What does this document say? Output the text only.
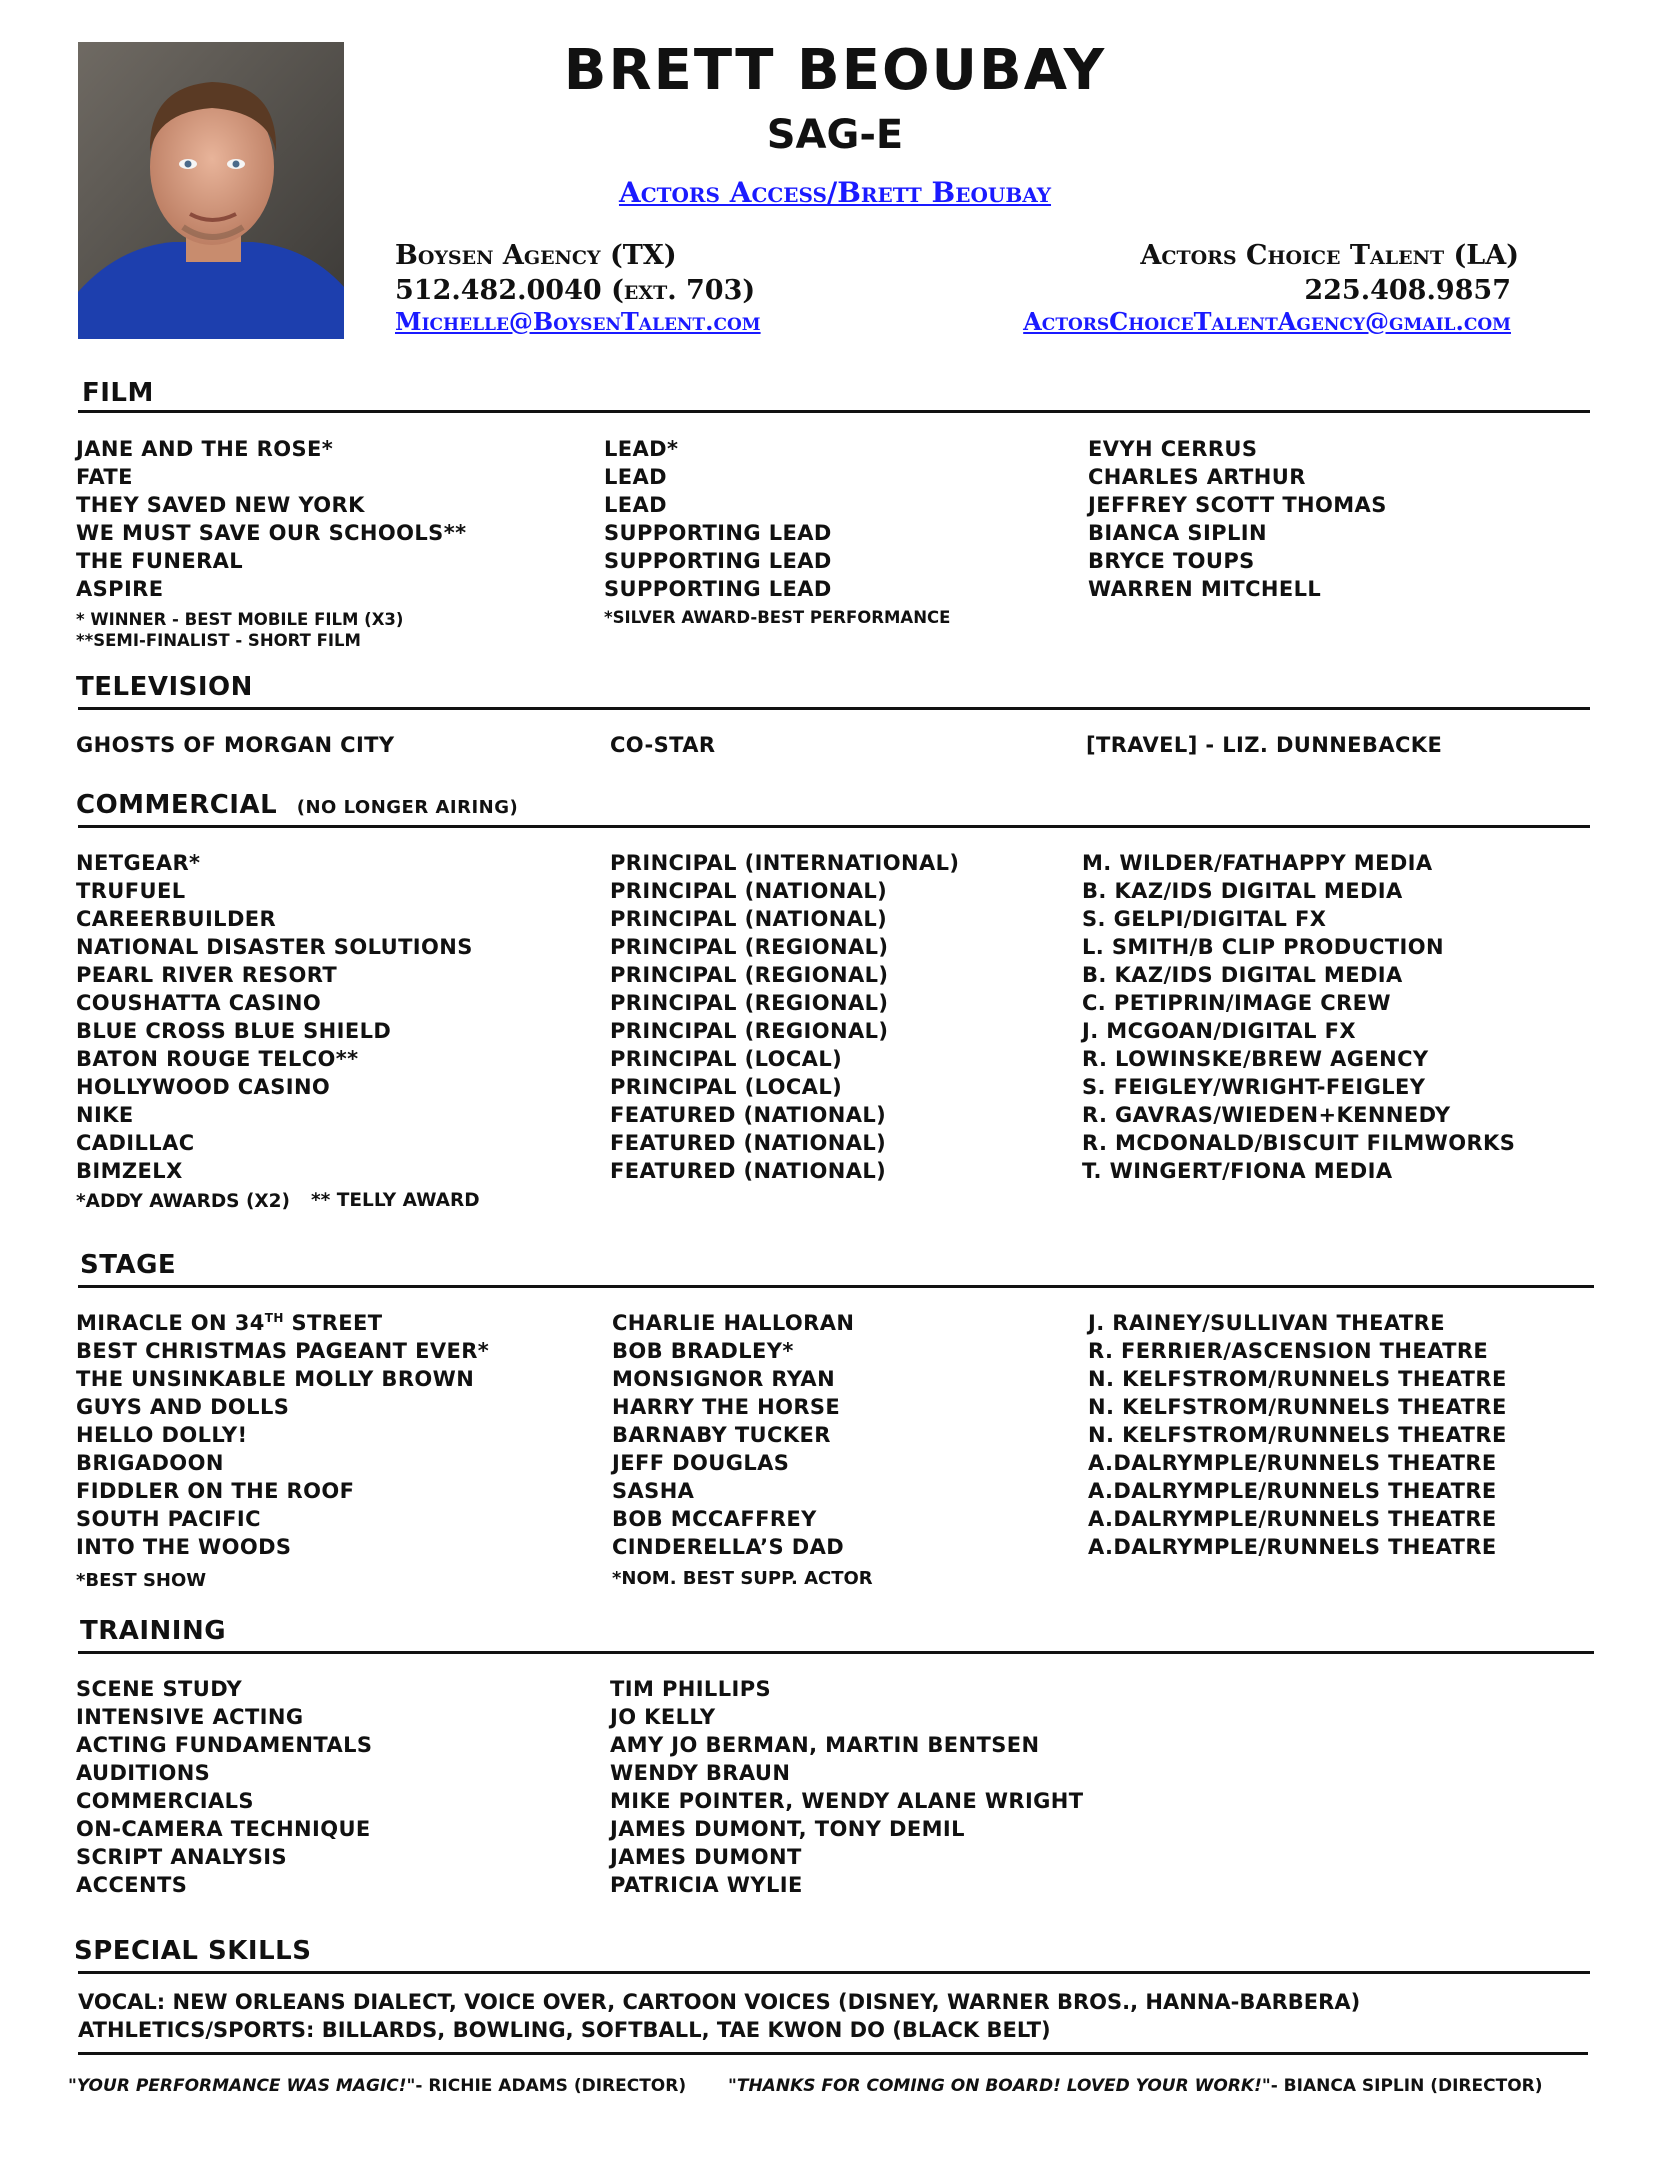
BRETT BEOUBAY
SAG-E
Actors Access/Brett Beoubay
Boysen Agency (TX)
512.482.0040 (ext. 703)
Michelle@BoysenTalent.com
Actors Choice Talent (LA)
225.408.9857
ActorsChoiceTalentAgency@gmail.com
FILM
JANE AND THE ROSE*	LEAD*	EVYH CERRUS
FATE	LEAD	CHARLES ARTHUR
THEY SAVED NEW YORK	LEAD	JEFFREY SCOTT THOMAS
WE MUST SAVE OUR SCHOOLS**	SUPPORTING LEAD	BIANCA SIPLIN
THE FUNERAL	SUPPORTING LEAD	BRYCE TOUPS
ASPIRE	SUPPORTING LEAD	WARREN MITCHELL
* WINNER - BEST MOBILE FILM (X3)
**SEMI-FINALIST - SHORT FILM
*SILVER AWARD-BEST PERFORMANCE
TELEVISION
GHOSTS OF MORGAN CITY	CO-STAR	[TRAVEL] - LIZ. DUNNEBACKE
COMMERCIAL (NO LONGER AIRING)
NETGEAR*	PRINCIPAL (INTERNATIONAL)	M. WILDER/FATHAPPY MEDIA
TRUFUEL	PRINCIPAL (NATIONAL)	B. KAZ/IDS DIGITAL MEDIA
CAREERBUILDER	PRINCIPAL (NATIONAL)	S. GELPI/DIGITAL FX
NATIONAL DISASTER SOLUTIONS	PRINCIPAL (REGIONAL)	L. SMITH/B CLIP PRODUCTION
PEARL RIVER RESORT	PRINCIPAL (REGIONAL)	B. KAZ/IDS DIGITAL MEDIA
COUSHATTA CASINO	PRINCIPAL (REGIONAL)	C. PETIPRIN/IMAGE CREW
BLUE CROSS BLUE SHIELD	PRINCIPAL (REGIONAL)	J. MCGOAN/DIGITAL FX
BATON ROUGE TELCO**	PRINCIPAL (LOCAL)	R. LOWINSKE/BREW AGENCY
HOLLYWOOD CASINO	PRINCIPAL (LOCAL)	S. FEIGLEY/WRIGHT-FEIGLEY
NIKE	FEATURED (NATIONAL)	R. GAVRAS/WIEDEN+KENNEDY
CADILLAC	FEATURED (NATIONAL)	R. MCDONALD/BISCUIT FILMWORKS
BIMZELX	FEATURED (NATIONAL)	T. WINGERT/FIONA MEDIA
*ADDY AWARDS (X2) ** TELLY AWARD
STAGE
MIRACLE ON 34TH STREET	CHARLIE HALLORAN	J. RAINEY/SULLIVAN THEATRE
BEST CHRISTMAS PAGEANT EVER*	BOB BRADLEY*	R. FERRIER/ASCENSION THEATRE
THE UNSINKABLE MOLLY BROWN	MONSIGNOR RYAN	N. KELFSTROM/RUNNELS THEATRE
GUYS AND DOLLS	HARRY THE HORSE	N. KELFSTROM/RUNNELS THEATRE
HELLO DOLLY!	BARNABY TUCKER	N. KELFSTROM/RUNNELS THEATRE
BRIGADOON	JEFF DOUGLAS	A.DALRYMPLE/RUNNELS THEATRE
FIDDLER ON THE ROOF	SASHA	A.DALRYMPLE/RUNNELS THEATRE
SOUTH PACIFIC	BOB MCCAFFREY	A.DALRYMPLE/RUNNELS THEATRE
INTO THE WOODS	CINDERELLA’S DAD	A.DALRYMPLE/RUNNELS THEATRE
*BEST SHOW	*NOM. BEST SUPP. ACTOR
TRAINING
SCENE STUDY	TIM PHILLIPS
INTENSIVE ACTING	JO KELLY
ACTING FUNDAMENTALS	AMY JO BERMAN, MARTIN BENTSEN
AUDITIONS	WENDY BRAUN
COMMERCIALS	MIKE POINTER, WENDY ALANE WRIGHT
ON-CAMERA TECHNIQUE	JAMES DUMONT, TONY DEMIL
SCRIPT ANALYSIS	JAMES DUMONT
ACCENTS	PATRICIA WYLIE
SPECIAL SKILLS
VOCAL: NEW ORLEANS DIALECT, VOICE OVER, CARTOON VOICES (DISNEY, WARNER BROS., HANNA-BARBERA)
ATHLETICS/SPORTS: BILLARDS, BOWLING, SOFTBALL, TAE KWON DO (BLACK BELT)
"YOUR PERFORMANCE WAS MAGIC!"- RICHIE ADAMS (DIRECTOR) "THANKS FOR COMING ON BOARD! LOVED YOUR WORK!"- BIANCA SIPLIN (DIRECTOR)
